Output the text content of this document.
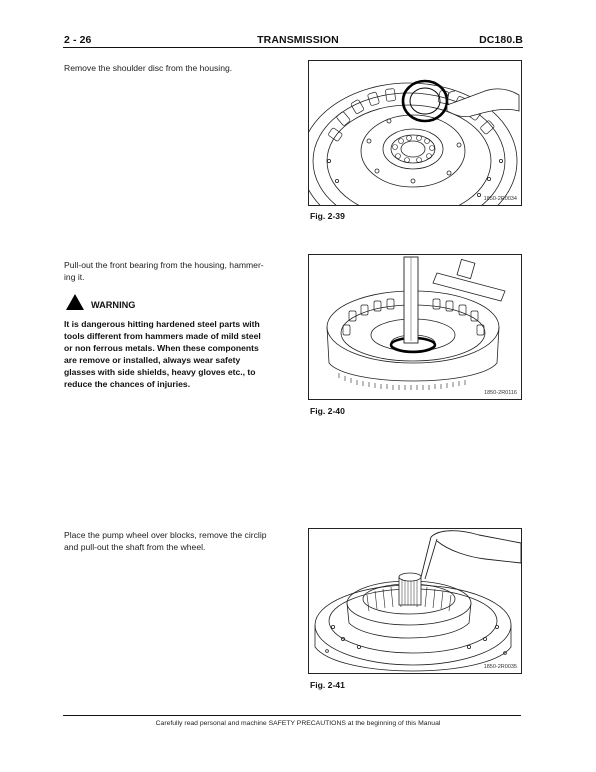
2 - 26	TRANSMISSION	DC180.B
Remove the shoulder disc from the housing.
1850-2R0034
Fig. 2-39
Pull-out the front bearing from the housing, hammer-
ing it.
WARNING
It is dangerous hitting hardened steel parts with
tools different from hammers made of mild steel
or non ferrous metals. When these components
are remove or installed, always wear safety
glasses with side shields, heavy gloves etc., to
reduce the chances of injuries.
1850-2R0116
Fig. 2-40
Place the pump wheel over blocks, remove the circlip
and pull-out the shaft from the wheel.
1850-2R0035
Fig. 2-41
Carefully read personal and machine SAFETY PRECAUTIONS at the beginning of this Manual
